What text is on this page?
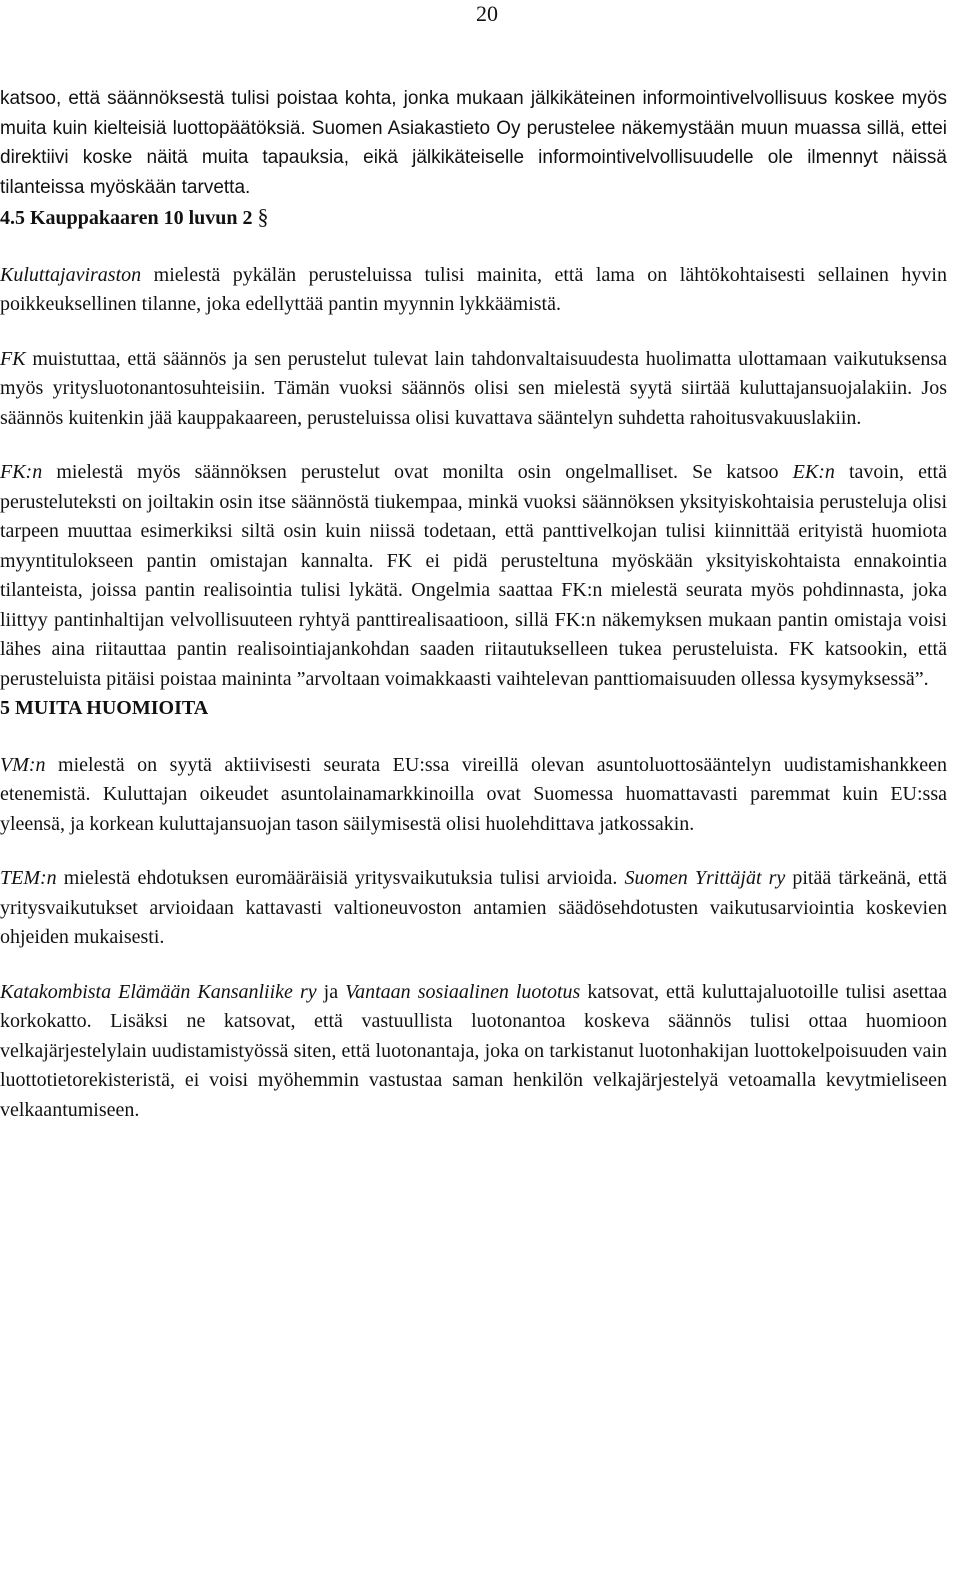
20

katsoo, että säännöksestä tulisi poistaa kohta, jonka mukaan jälkikäteinen informointivelvollisuus koskee myös muita kuin kielteisiä luottopäätöksiä. Suomen Asiakastieto Oy perustelee näkemystään muun muassa sillä, ettei direktiivi koske näitä muita tapauksia, eikä jälkikäteiselle informointivelvollisuudelle ole ilmennyt näissä tilanteissa myöskään tarvetta.

4.5 Kauppakaaren 10 luvun 2 §

Kuluttajaviraston mielestä pykälän perusteluissa tulisi mainita, että lama on lähtökohtaisesti sellainen hyvin poikkeuksellinen tilanne, joka edellyttää pantin myynnin lykkäämistä.

FK muistuttaa, että säännös ja sen perustelut tulevat lain tahdonvaltaisuudesta huolimatta ulottamaan vaikutuksensa myös yritysluotonantosuhteisiin. Tämän vuoksi säännös olisi sen mielestä syytä siirtää kuluttajansuojalakiin. Jos säännös kuitenkin jää kauppakaareen, perusteluissa olisi kuvattava sääntelyn suhdetta rahoitusvakuuslakiin.

FK:n mielestä myös säännöksen perustelut ovat monilta osin ongelmalliset. Se katsoo EK:n tavoin, että perusteluteksti on joiltakin osin itse säännöstä tiukempaa, minkä vuoksi säännöksen yksityiskohtaisia perusteluja olisi tarpeen muuttaa esimerkiksi siltä osin kuin niissä todetaan, että panttivelkojan tulisi kiinnittää erityistä huomiota myyntitulokseen pantin omistajan kannalta. FK ei pidä perusteltuna myöskään yksityiskohtaista ennakointia tilanteista, joissa pantin realisointia tulisi lykätä. Ongelmia saattaa FK:n mielestä seurata myös pohdinnasta, joka liittyy pantinhaltijan velvollisuuteen ryhtyä panttirealisaatioon, sillä FK:n näkemyksen mukaan pantin omistaja voisi lähes aina riitauttaa pantin realisointiajankohdan saaden riitautukselleen tukea perusteluista. FK katsookin, että perusteluista pitäisi poistaa maininta ”arvoltaan voimakkaasti vaihtelevan panttiomaisuuden ollessa kysymyksessä”.

5 MUITA HUOMIOITA

VM:n mielestä on syytä aktiivisesti seurata EU:ssa vireillä olevan asuntoluottosääntelyn uudistamishankkeen etenemistä. Kuluttajan oikeudet asuntolainamarkkinoilla ovat Suomessa huomattavasti paremmat kuin EU:ssa yleensä, ja korkean kuluttajansuojan tason säilymisestä olisi huolehdittava jatkossakin.

TEM:n mielestä ehdotuksen euromääräisiä yritysvaikutuksia tulisi arvioida. Suomen Yrittäjät ry pitää tärkeänä, että yritysvaikutukset arvioidaan kattavasti valtioneuvoston antamien säädösehdotusten vaikutusarviointia koskevien ohjeiden mukaisesti.

Katakombista Elämään Kansanliike ry ja Vantaan sosiaalinen luototus katsovat, että kuluttajaluotoille tulisi asettaa korkokatto. Lisäksi ne katsovat, että vastuullista luotonantoa koskeva säännös tulisi ottaa huomioon velkajärjestelylain uudistamistyössä siten, että luotonantaja, joka on tarkistanut luotonhakijan luottokelpoisuuden vain luottotietorekisteristä, ei voisi myöhemmin vastustaa saman henkilön velkajärjestelyä vetoamalla kevytmieliseen velkaantumiseen.
